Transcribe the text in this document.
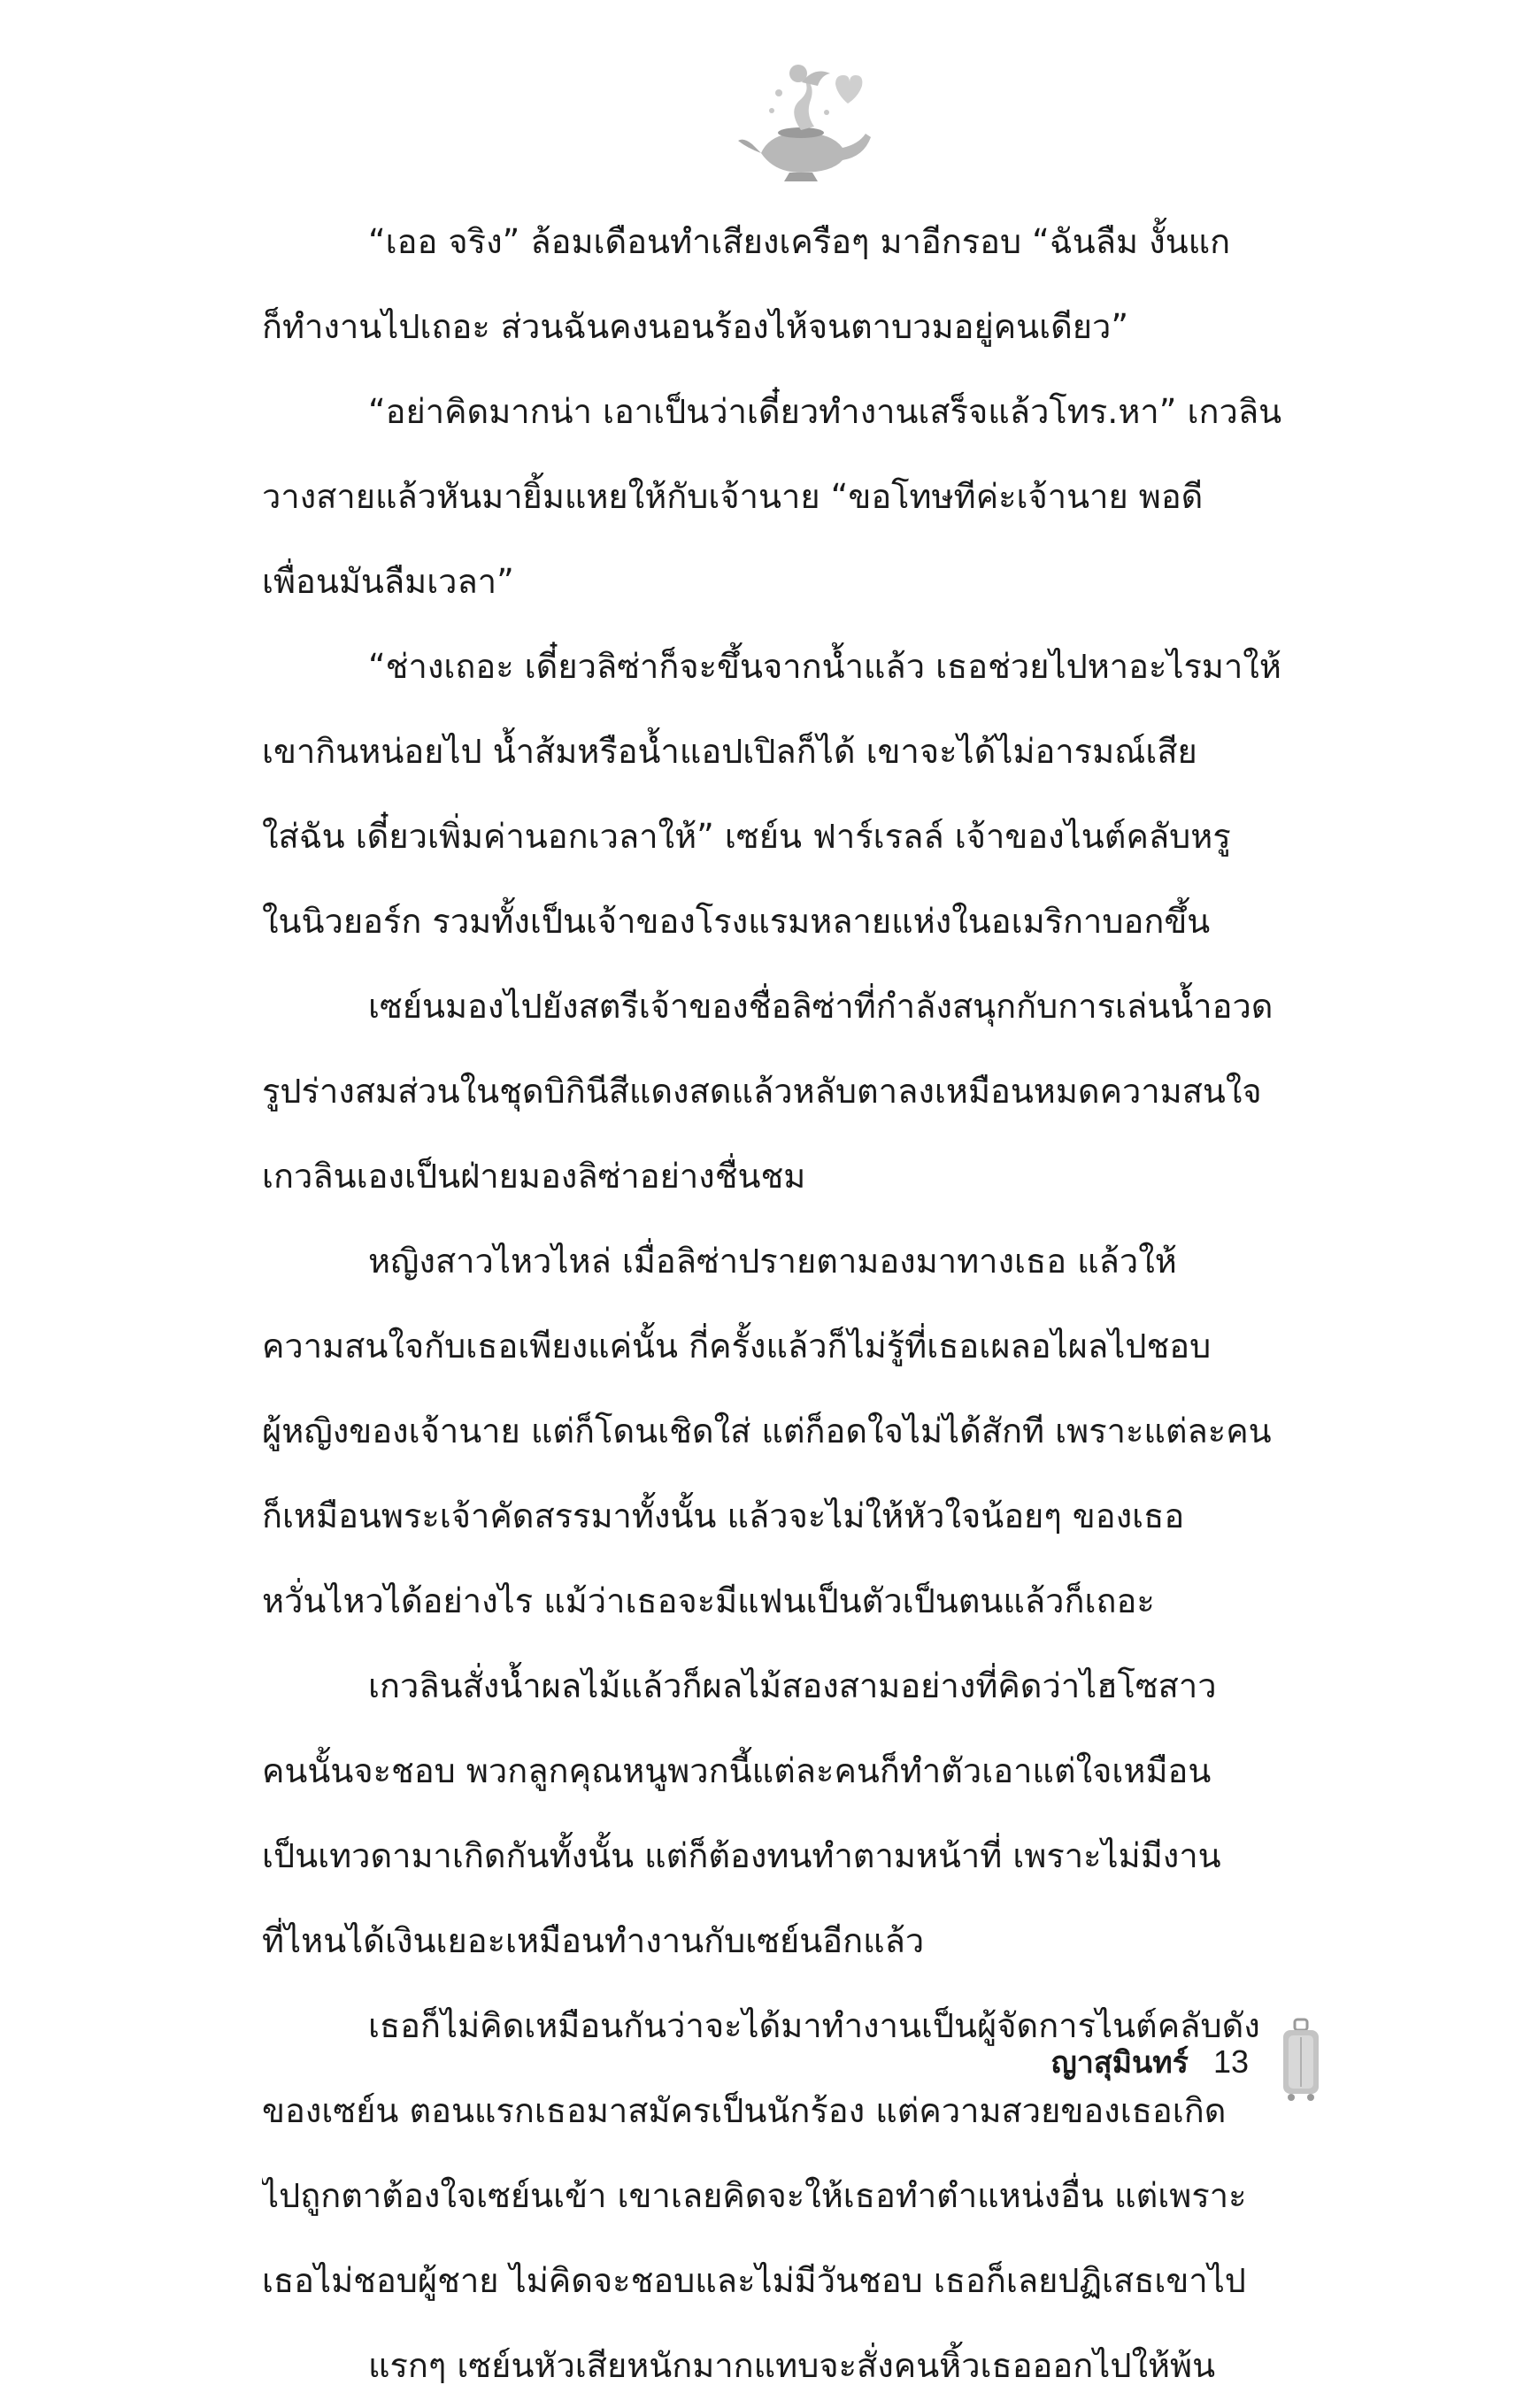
“เออ จริง” ล้อมเดือนทำเสียงเครือๆ มาอีกรอบ “ฉันลืม งั้นแก
ก็ทำงานไปเถอะ ส่วนฉันคงนอนร้องไห้จนตาบวมอยู่คนเดียว”
“อย่าคิดมากน่า เอาเป็นว่าเดี๋ยวทำงานเสร็จแล้วโทร.หา” เกวลิน
วางสายแล้วหันมายิ้มแหยให้กับเจ้านาย “ขอโทษทีค่ะเจ้านาย พอดี
เพื่อนมันลืมเวลา”
“ช่างเถอะ เดี๋ยวลิซ่าก็จะขึ้นจากน้ำแล้ว เธอช่วยไปหาอะไรมาให้
เขากินหน่อยไป น้ำส้มหรือน้ำแอปเปิลก็ได้ เขาจะได้ไม่อารมณ์เสีย
ใส่ฉัน เดี๋ยวเพิ่มค่านอกเวลาให้” เซย์น ฟาร์เรลล์ เจ้าของไนต์คลับหรู
ในนิวยอร์ก รวมทั้งเป็นเจ้าของโรงแรมหลายแห่งในอเมริกาบอกขึ้น
เซย์นมองไปยังสตรีเจ้าของชื่อลิซ่าที่กำลังสนุกกับการเล่นน้ำอวด
รูปร่างสมส่วนในชุดบิกินีสีแดงสดแล้วหลับตาลงเหมือนหมดความสนใจ
เกวลินเองเป็นฝ่ายมองลิซ่าอย่างชื่นชม
หญิงสาวไหวไหล่ เมื่อลิซ่าปรายตามองมาทางเธอ แล้วให้
ความสนใจกับเธอเพียงแค่นั้น กี่ครั้งแล้วก็ไม่รู้ที่เธอเผลอไผลไปชอบ
ผู้หญิงของเจ้านาย แต่ก็โดนเชิดใส่ แต่ก็อดใจไม่ได้สักที เพราะแต่ละคน
ก็เหมือนพระเจ้าคัดสรรมาทั้งนั้น แล้วจะไม่ให้หัวใจน้อยๆ ของเธอ
หวั่นไหวได้อย่างไร แม้ว่าเธอจะมีแฟนเป็นตัวเป็นตนแล้วก็เถอะ
เกวลินสั่งน้ำผลไม้แล้วก็ผลไม้สองสามอย่างที่คิดว่าไฮโซสาว
คนนั้นจะชอบ พวกลูกคุณหนูพวกนี้แต่ละคนก็ทำตัวเอาแต่ใจเหมือน
เป็นเทวดามาเกิดกันทั้งนั้น แต่ก็ต้องทนทำตามหน้าที่ เพราะไม่มีงาน
ที่ไหนได้เงินเยอะเหมือนทำงานกับเซย์นอีกแล้ว
เธอก็ไม่คิดเหมือนกันว่าจะได้มาทำงานเป็นผู้จัดการไนต์คลับดัง
ของเซย์น ตอนแรกเธอมาสมัครเป็นนักร้อง แต่ความสวยของเธอเกิด
ไปถูกตาต้องใจเซย์นเข้า เขาเลยคิดจะให้เธอทำตำแหน่งอื่น แต่เพราะ
เธอไม่ชอบผู้ชาย ไม่คิดจะชอบและไม่มีวันชอบ เธอก็เลยปฏิเสธเขาไป
แรกๆ เซย์นหัวเสียหนักมากแทบจะสั่งคนหิ้วเธอออกไปให้พ้น
ญาสุมินทร์ 13
